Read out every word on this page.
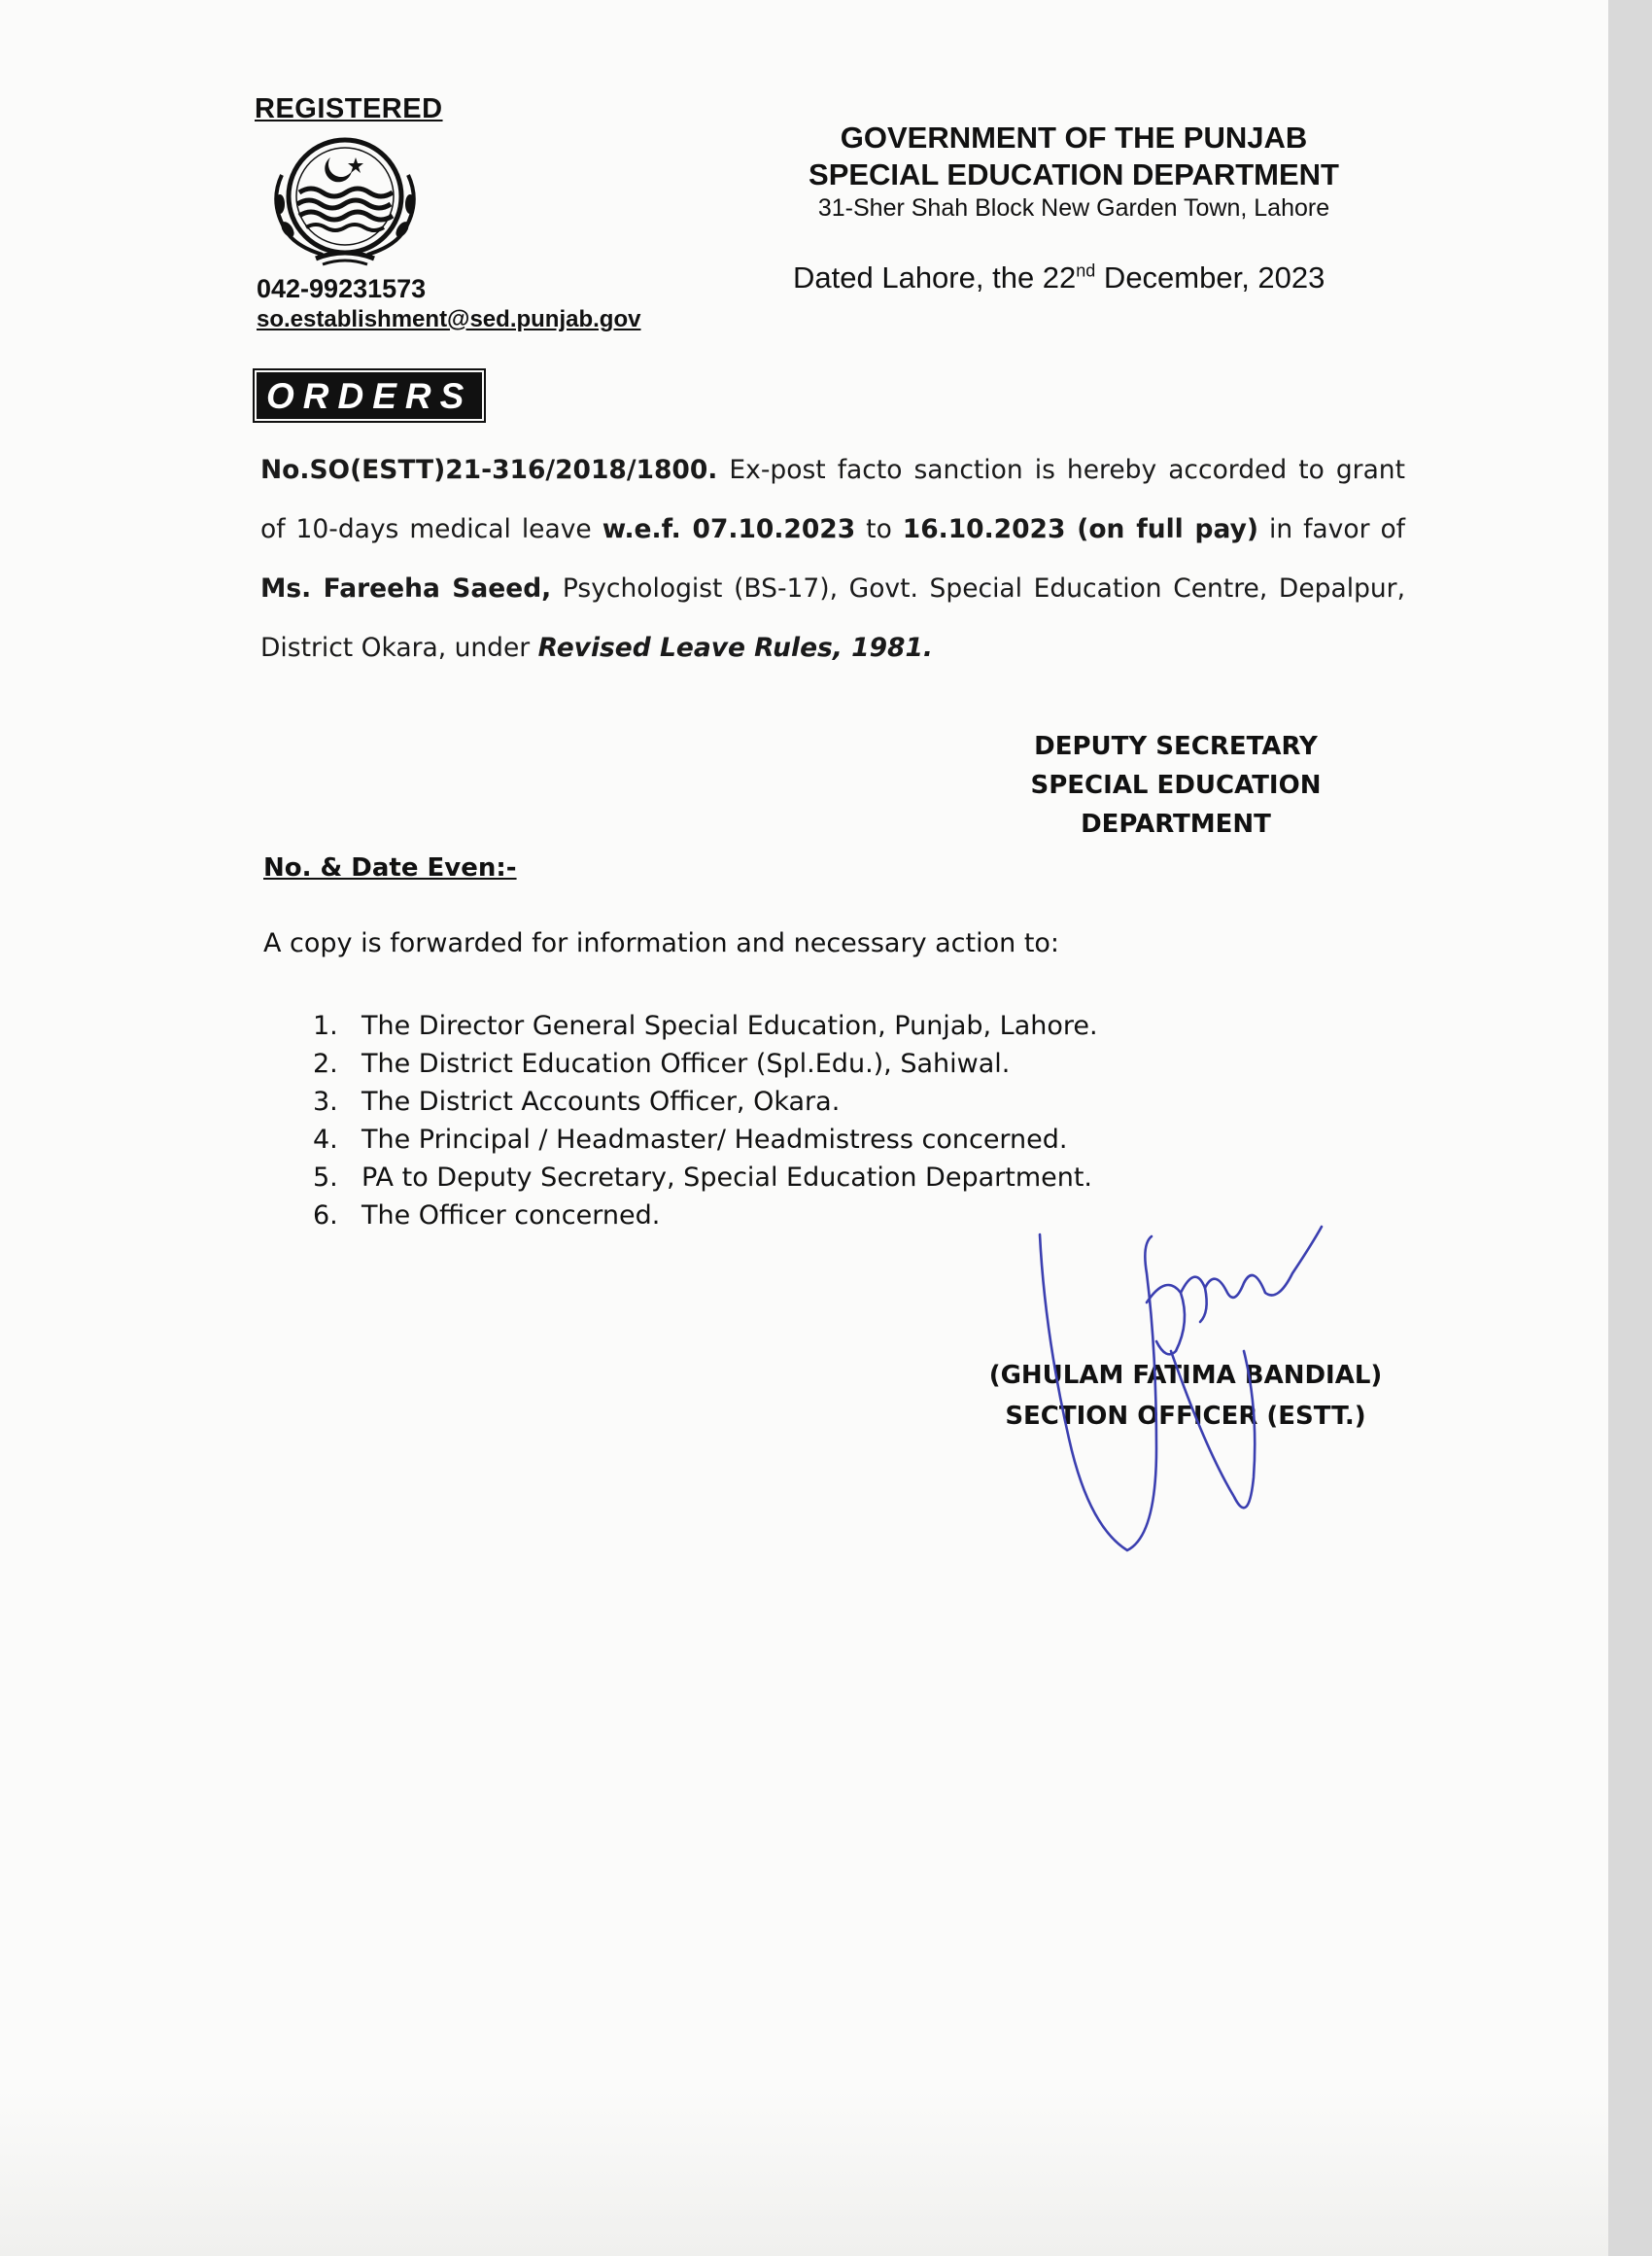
REGISTERED
042-99231573
so.establishment@sed.punjab.gov
GOVERNMENT OF THE PUNJAB
SPECIAL EDUCATION DEPARTMENT
31-Sher Shah Block New Garden Town, Lahore
Dated Lahore, the 22nd December, 2023
ORDERS
No.SO(ESTT)21-316/2018/1800. Ex-post facto sanction is hereby accorded to grant of 10-days medical leave w.e.f. 07.10.2023 to 16.10.2023 (on full pay) in favor of Ms. Fareeha Saeed, Psychologist (BS-17), Govt. Special Education Centre, Depalpur, District Okara, under Revised Leave Rules, 1981.
DEPUTY SECRETARY
SPECIAL EDUCATION
DEPARTMENT
No. & Date Even:-
A copy is forwarded for information and necessary action to:
1. The Director General Special Education, Punjab, Lahore.
2. The District Education Officer (Spl.Edu.), Sahiwal.
3. The District Accounts Officer, Okara.
4. The Principal / Headmaster/ Headmistress concerned.
5. PA to Deputy Secretary, Special Education Department.
6. The Officer concerned.
(GHULAM FATIMA BANDIAL)
SECTION OFFICER (ESTT.)
